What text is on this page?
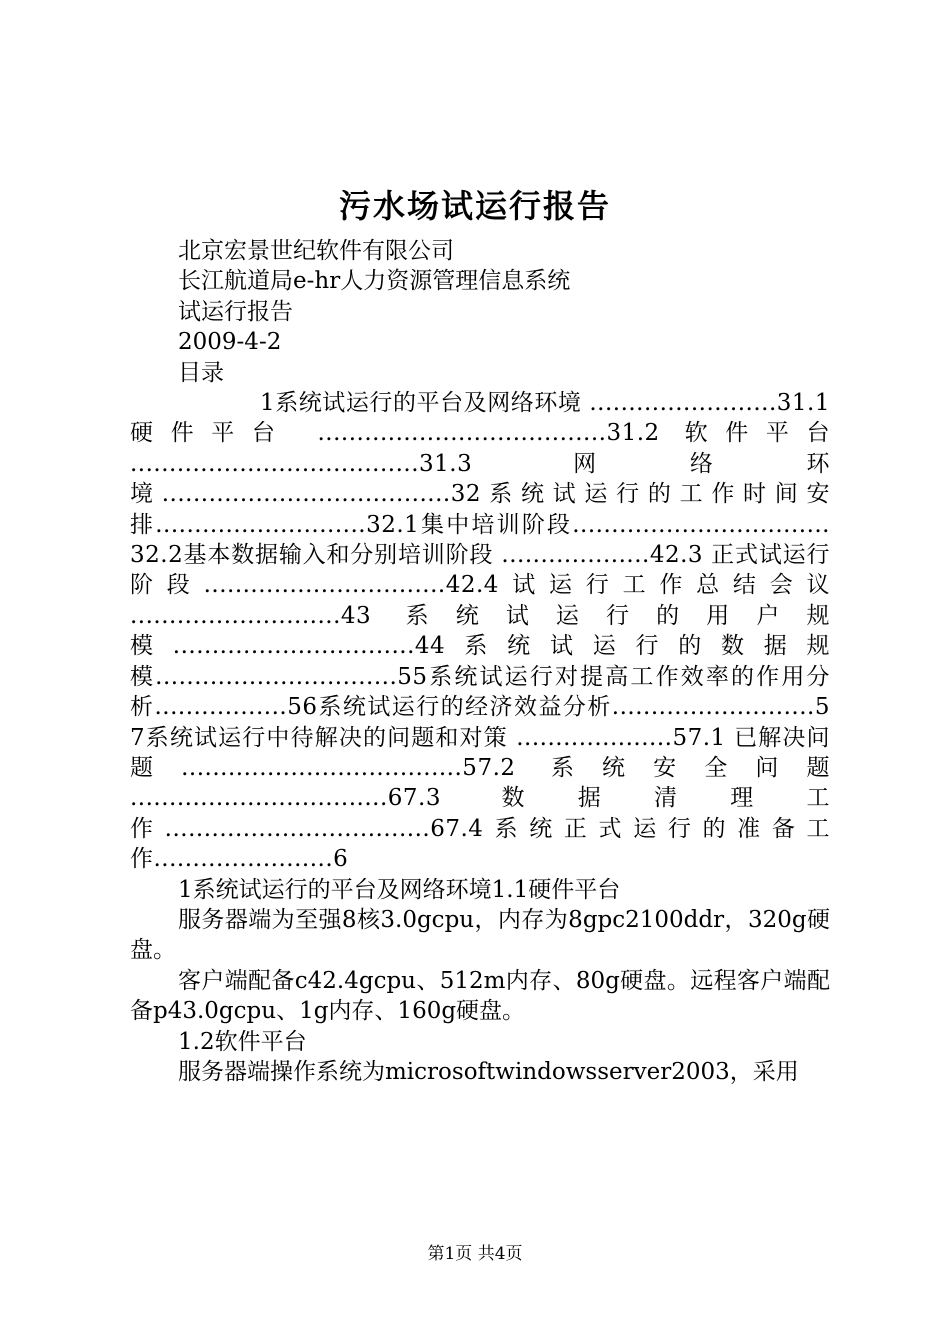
污水场试运行报告
北京宏景世纪软件有限公司
长江航道局e-hr人力资源管理信息系统
试运行报告
2009-4-2
目录
1系统试运行的平台及网络环境 ........................31.1 硬件平台 .....................................31.2 软件平台 .....................................31.3 网络环境.....................................32系统试运行的工作时间安排...........................32.1集中培训阶段.................................32.2基本数据输入和分别培训阶段 ...................42.3 正式试运行阶段...............................42.4试运行工作总结会议 ...........................43 系统试运行的用户规模...............................44系统试运行的数据规模...............................55系统试运行对提高工作效率的作用分析.................56系统试运行的经济效益分析..........................57系统试运行中待解决的问题和对策 ....................57.1 已解决问题....................................57.2 系统安全问题 .................................67.3 数据清理工作..................................67.4系统正式运行的准备工作.......................6
1系统试运行的平台及网络环境1.1硬件平台
服务器端为至强8核3.0gcpu，内存为8gpc2100ddr，320g硬盘。
客户端配备c42.4gcpu、512m内存、80g硬盘。远程客户端配备p43.0gcpu、1g内存、160g硬盘。
1.2软件平台
服务器端操作系统为microsoftwindowsserver2003，采用
第1页 共4页
